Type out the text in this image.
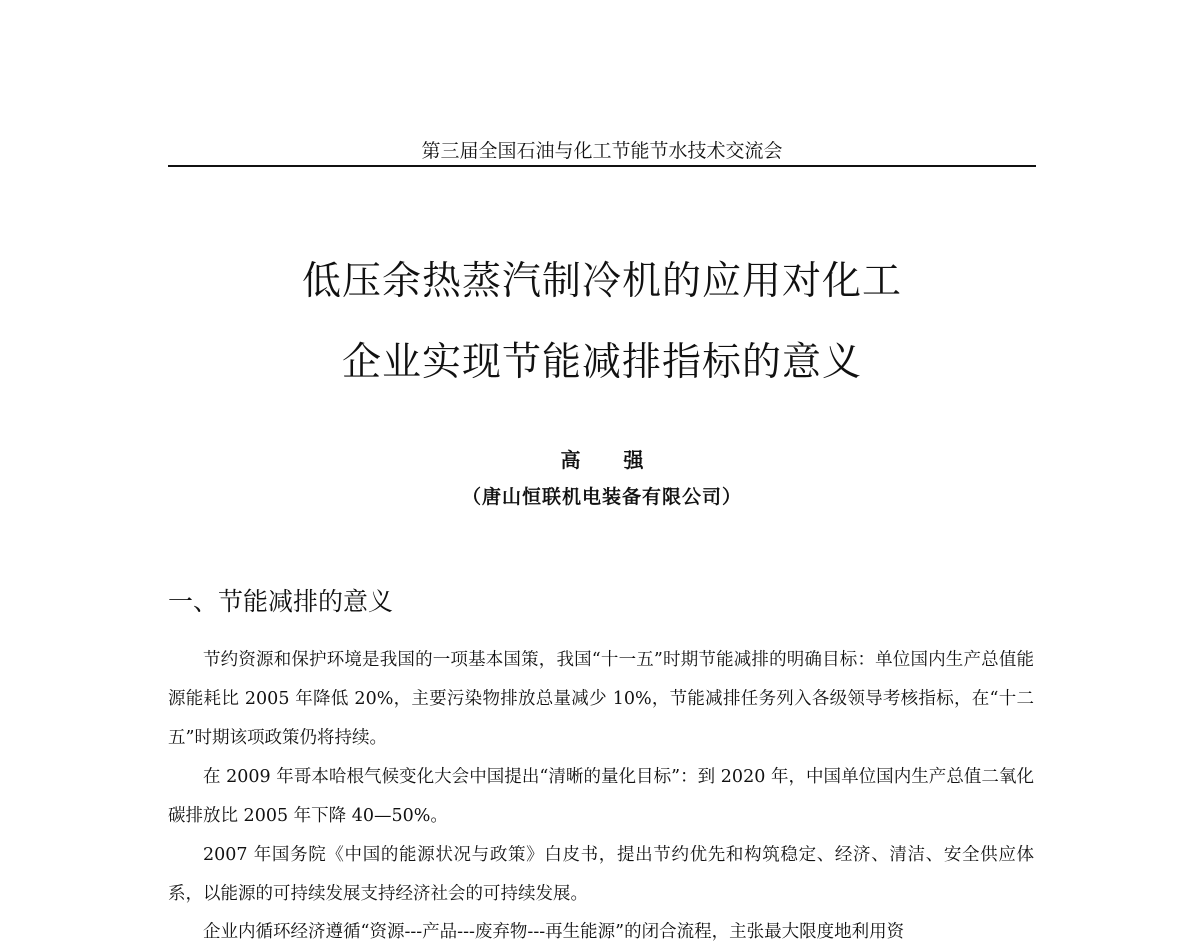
第三届全国石油与化工节能节水技术交流会
低压余热蒸汽制冷机的应用对化工
企业实现节能减排指标的意义
高 强
（唐山恒联机电装备有限公司）
一、节能减排的意义

节约资源和保护环境是我国的一项基本国策，我国“十一五”时期节能减排的明确目标：单位国内生产总值能源能耗比 2005 年降低 20%，主要污染物排放总量减少 10%，节能减排任务列入各级领导考核指标，在“十二五”时期该项政策仍将持续。

在 2009 年哥本哈根气候变化大会中国提出“清晰的量化目标”：到 2020 年，中国单位国内生产总值二氧化碳排放比 2005 年下降 40—50%。

2007 年国务院《中国的能源状况与政策》白皮书，提出节约优先和构筑稳定、经济、清洁、安全供应体系，以能源的可持续发展支持经济社会的可持续发展。

企业内循环经济遵循“资源---产品---废弃物---再生能源”的闭合流程，主张最大限度地利用资
